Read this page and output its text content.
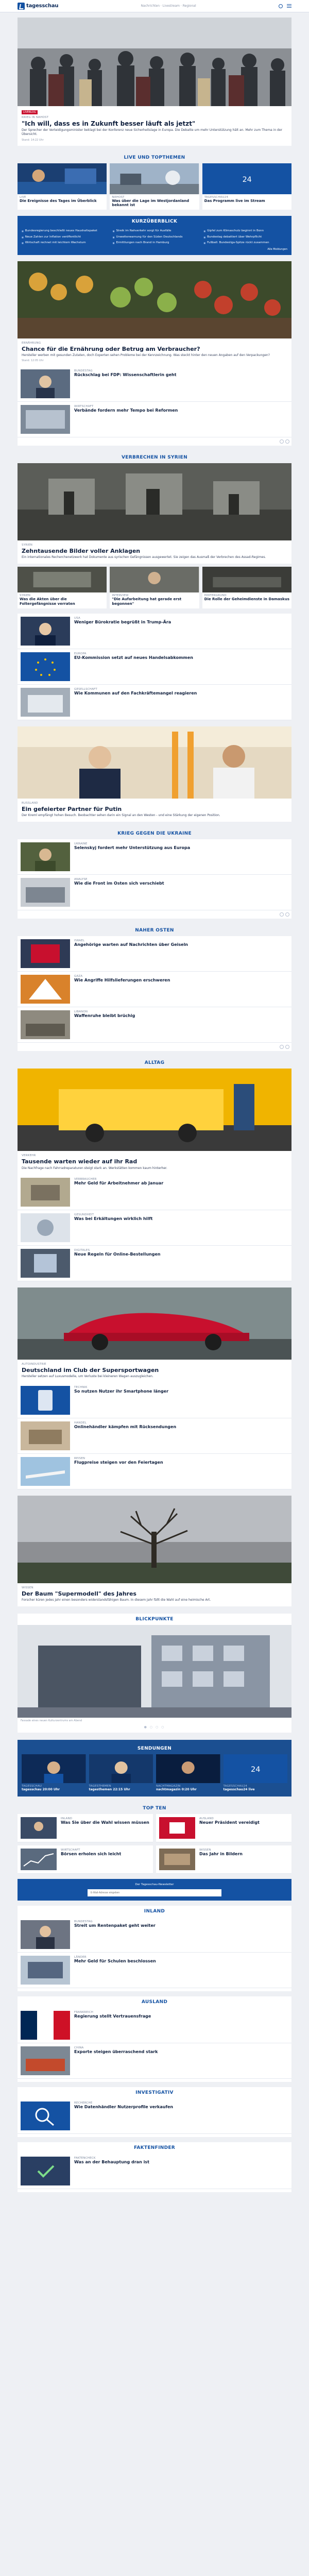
tagesschau	Nachrichten · Livestream · Regional
LIVEBLOG
KRIEG IN NAHOST
"Ich will, dass es in Zukunft besser läuft als jetzt"
Der Sprecher der Verteidigungsminister beklagt bei der Konferenz neue Sicherheitslage in Europa. Die Debatte um mehr Unterstützung hält an. Mehr zum Thema in der Übersicht.
Stand: 14:22 Uhr
LIVE UND TOPTHEMEN
LIVE
Die Ereignisse des Tages im Überblick
NAHOST
Was über die Lage im Westjordanland bekannt ist
24
TAGESSCHAU24
Das Programm live im Stream
KURZÜBERBLICK
■ Bundesregierung beschließt neues Haushaltspaket	■ Streik im Nahverkehr sorgt für Ausfälle	■ Gipfel zum Klimaschutz beginnt in Bonn
■ Neue Zahlen zur Inflation veröffentlicht	■ Unwetterwarnung für den Süden Deutschlands	■ Bundestag debattiert über Wehrpflicht
■ Wirtschaft rechnet mit leichtem Wachstum	■ Ermittlungen nach Brand in Hamburg	■ Fußball: Bundesliga-Spitze rückt zusammen
Alle Meldungen
ERNÄHRUNG
Chance für die Ernährung oder Betrug am Verbraucher?
Hersteller werben mit gesunden Zutaten, doch Experten sehen Probleme bei der Kennzeichnung. Was steckt hinter den neuen Angaben auf den Verpackungen?
Stand: 12:05 Uhr
BUNDESTAG
Rückschlag bei FDP: Wissenschaftlerin geht
WIRTSCHAFT
Verbände fordern mehr Tempo bei Reformen
VERBRECHEN IN SYRIEN
SYRIEN
Zehntausende Bilder voller Anklagen
Ein internationales Recherchenetzwerk hat Dokumente aus syrischen Gefängnissen ausgewertet. Sie zeigen das Ausmaß der Verbrechen des Assad-Regimes.
SYRIEN
Was die Akten über die Foltergefängnisse verraten
INTERVIEW
"Die Aufarbeitung hat gerade erst begonnen"
HINTERGRUND
Die Rolle der Geheimdienste in Damaskus
USA
Weniger Bürokratie begrüßt in Trump-Ära
EUROPA
EU-Kommission setzt auf neues Handelsabkommen
GESELLSCHAFT
Wie Kommunen auf den Fachkräftemangel reagieren
RUSSLAND
Ein gefeierter Partner für Putin
Der Kreml empfängt hohen Besuch. Beobachter sehen darin ein Signal an den Westen - und eine Stärkung der eigenen Position.
KRIEG GEGEN DIE UKRAINE
UKRAINE
Selenskyj fordert mehr Unterstützung aus Europa
ANALYSE
Wie die Front im Osten sich verschiebt
NAHER OSTEN
ISRAEL
Angehörige warten auf Nachrichten über Geiseln
GAZA
Wie Angriffe Hilfslieferungen erschweren
LIBANON
Waffenruhe bleibt brüchig
ALLTAG
VERKEHR
Tausende warten wieder auf ihr Rad
Die Nachfrage nach Fahrradreparaturen steigt stark an. Werkstätten kommen kaum hinterher.
VERBRAUCHER
Mehr Geld für Arbeitnehmer ab Januar
GESUNDHEIT
Was bei Erkältungen wirklich hilft
DIGITALES
Neue Regeln für Online-Bestellungen
AUTOINDUSTRIE
Deutschland im Club der Supersportwagen
Hersteller setzen auf Luxusmodelle, um Verluste bei kleineren Wagen auszugleichen.
TECHNIK
So nutzen Nutzer ihr Smartphone länger
HANDEL
Onlinehändler kämpfen mit Rücksendungen
REISEN
Flugpreise steigen vor den Feiertagen
WISSEN
Der Baum "Supermodell" des Jahres
Forscher küren jedes Jahr einen besonders widerstandsfähigen Baum. In diesem Jahr fällt die Wahl auf eine heimische Art.
BLICKPUNKTE
Fassade eines neuen Kulturzentrums am Abend
● ○ ○ ○
SENDUNGEN
TAGESSCHAU
tagesschau 20:00 Uhr
TAGESTHEMEN
tagesthemen 22:15 Uhr
NACHTMAGAZIN
nachtmagazin 0:20 Uhr
24
TAGESSCHAU24
tagesschau24 live
TOP TEN
INLAND
Was Sie über die Wahl wissen müssen
AUSLAND
Neuer Präsident vereidigt
WIRTSCHAFT
Börsen erholen sich leicht
WISSEN
Das Jahr in Bildern
Der Tagesschau-Newsletter
E-Mail-Adresse eingeben
INLAND
BUNDESTAG
Streit um Rentenpaket geht weiter
LÄNDER
Mehr Geld für Schulen beschlossen
AUSLAND
FRANKREICH
Regierung stellt Vertrauensfrage
CHINA
Exporte steigen überraschend stark
INVESTIGATIV
RECHERCHE
Wie Datenhändler Nutzerprofile verkaufen
FAKTENFINDER
FAKTENCHECK
Was an der Behauptung dran ist
